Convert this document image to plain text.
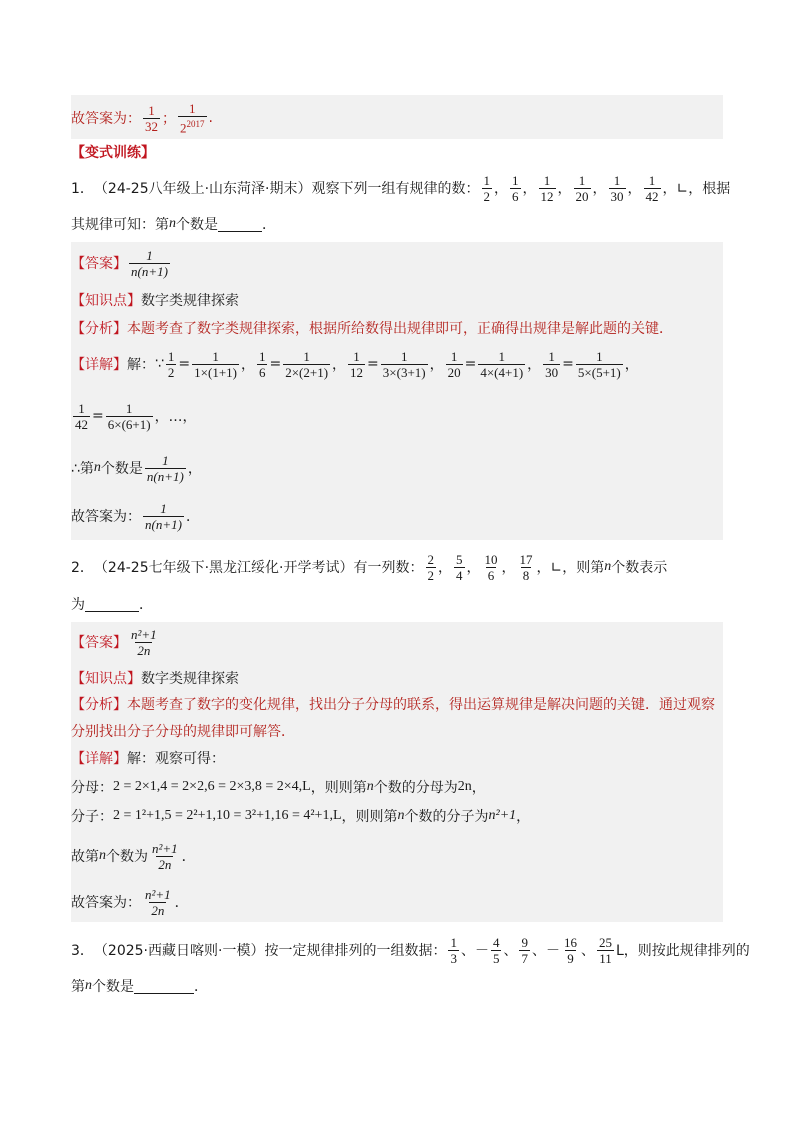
故答案为： $\frac{1}{32}$ ； $\frac{1}{2^{2017}}$ .
【变式训练】
1． （24-25八年级上·山东菏泽·期末）观察下列一组有规律的数： $\frac{1}{2}$ ， $\frac{1}{6}$ ， $\frac{1}{12}$ ， $\frac{1}{20}$ ， $\frac{1}{30}$ ， $\frac{1}{42}$ ，∟，根据
其规律可知：第 n 个数是	．
【答案】 $\frac{1}{n(n+1)}$
【知识点】 数字类规律探索
【分析】 本题考查了数字类规律探索，根据所给数得出规律即可，正确得出规律是解此题的关键．
【详解】 解： ∵ $\frac{1}{2} = \frac{1}{1\times(1+1)}$ ， $\frac{1}{6} = \frac{1}{2\times(2+1)}$ ， $\frac{1}{12} = \frac{1}{3\times(3+1)}$ ， $\frac{1}{20} = \frac{1}{4\times(4+1)}$ ， $\frac{1}{30} = \frac{1}{5\times(5+1)}$ ，
$\frac{1}{42} = \frac{1}{6\times(6+1)}$ ，…，
∴第 n 个数是 $\frac{1}{n(n+1)}$ ，
故答案为： $\frac{1}{n(n+1)}$ ．
2． （24-25七年级下·黑龙江绥化·开学考试）有一列数： $\frac{2}{2}$ ， $\frac{5}{4}$ ， $\frac{10}{6}$ ， $\frac{17}{8}$ ，∟，则第 n 个数表示
为	．
【答案】 $\frac{\text{n²+1}}{2n}$
【知识点】 数字类规律探索
【分析】 本题考查了数字的变化规律，找出分子分母的联系，得出运算规律是解决问题的关键．通过观察
分别找出分子分母的规律即可解答．
【详解】 解：观察可得：
分母： 2 = 2×1,4 = 2×2,6 = 2×3,8 = 2×4,L ，则则第 n 个数的分母为 2n ，
分子： 2 = 1²+1,5 = 2²+1,10 = 3²+1,16 = 4²+1,L ，则则第 n 个数的分子为 n²+1 ，
故第 n 个数为 $\frac{\text{n²+1}}{2n}$ ．
故答案为： $\frac{\text{n²+1}}{2n}$ ．
3． （2025·西藏日喀则·一模）按一定规律排列的一组数据： $\frac{1}{3}$ 、－ $\frac{4}{5}$ 、 $\frac{9}{7}$ 、－ $\frac{16}{9}$ 、 $\frac{25}{11}$ L，则按此规律排列的
第 n 个数是	．
